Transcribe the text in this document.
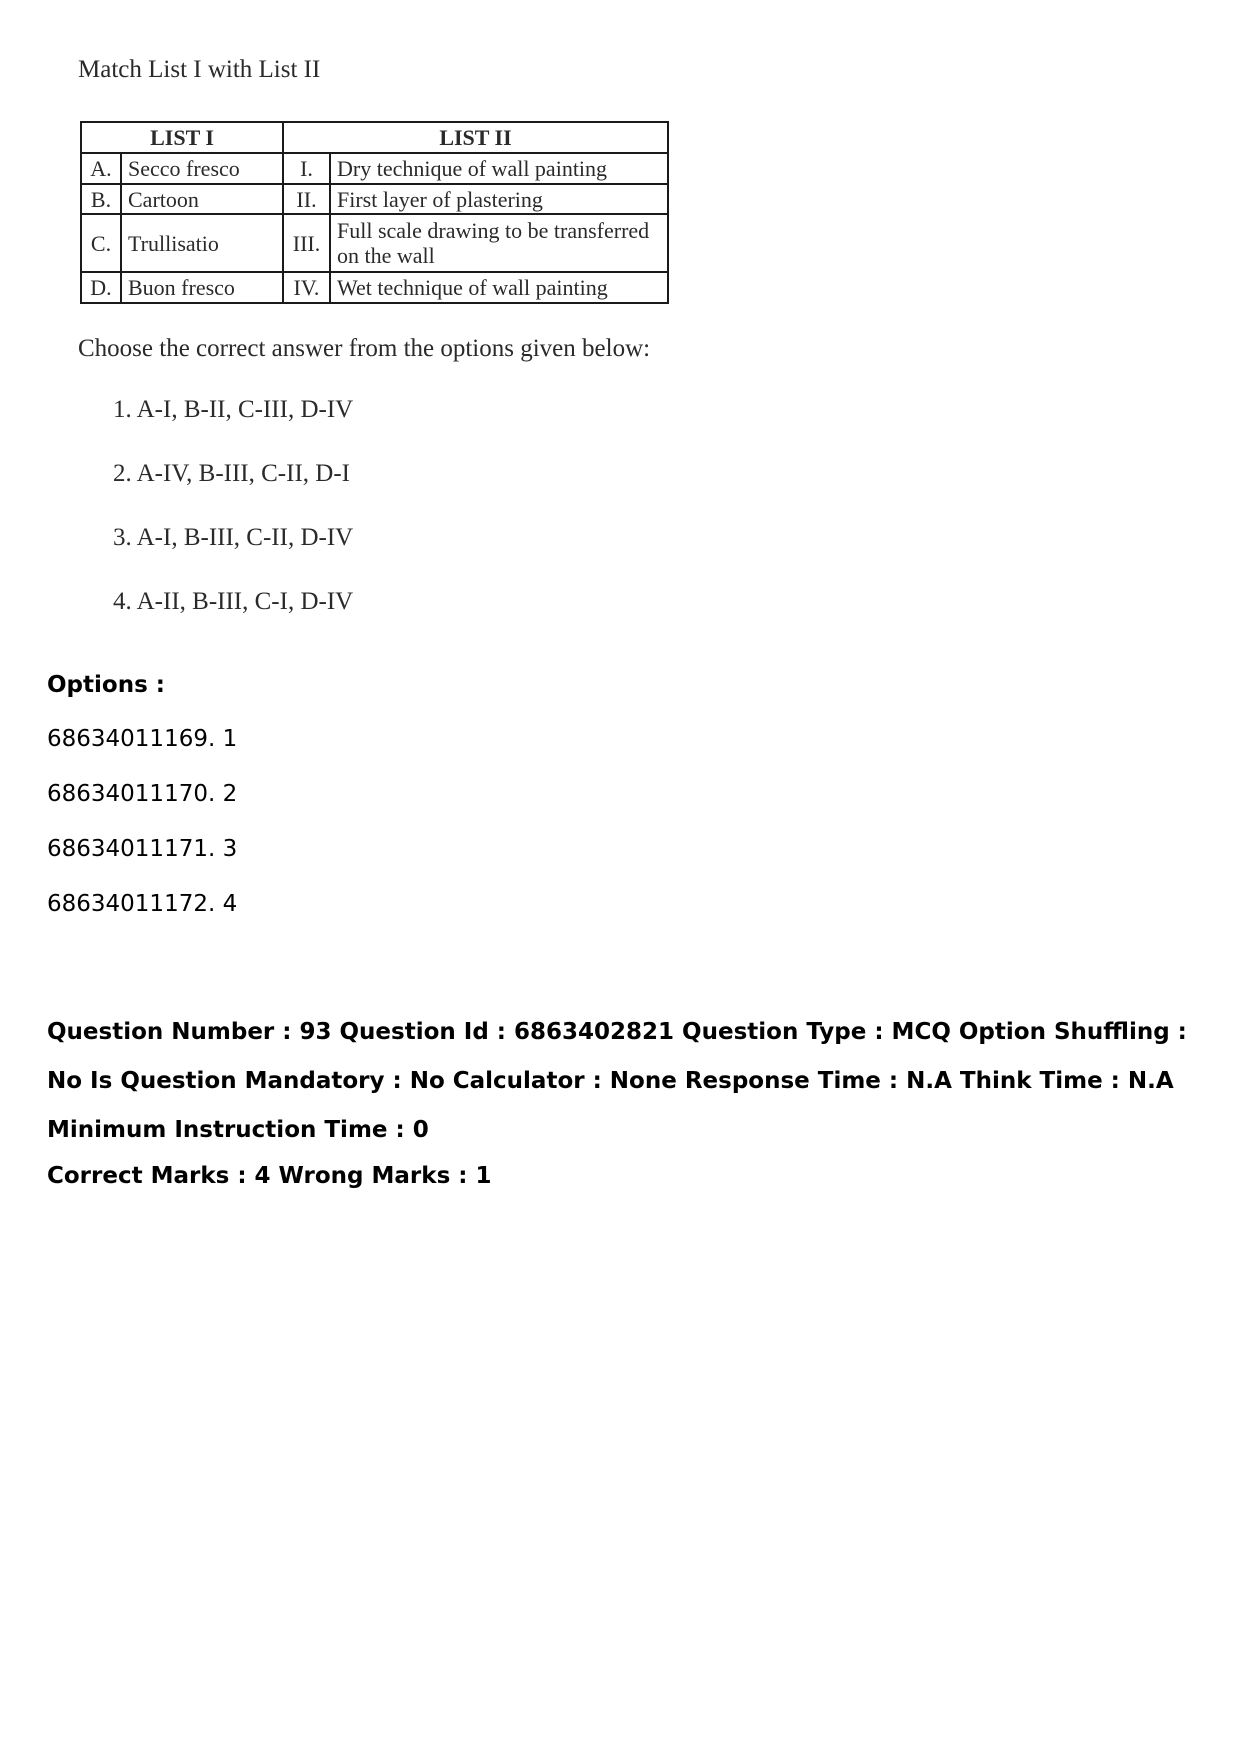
Match List I with List II

LIST I		LIST II	
A.	Secco fresco	I.	Dry technique of wall painting
B.	Cartoon	II.	First layer of plastering
C.	Trullisatio	III.	Full scale drawing to be transferred on the wall
D.	Buon fresco	IV.	Wet technique of wall painting

Choose the correct answer from the options given below:

1. A-I, B-II, C-III, D-IV
2. A-IV, B-III, C-II, D-I
3. A-I, B-III, C-II, D-IV
4. A-II, B-III, C-I, D-IV
Options :
68634011169. 1
68634011170. 2
68634011171. 3
68634011172. 4
Question Number : 93 Question Id : 6863402821 Question Type : MCQ Option Shuffling : No Is Question Mandatory : No Calculator : None Response Time : N.A Think Time : N.A Minimum Instruction Time : 0
Correct Marks : 4 Wrong Marks : 1
